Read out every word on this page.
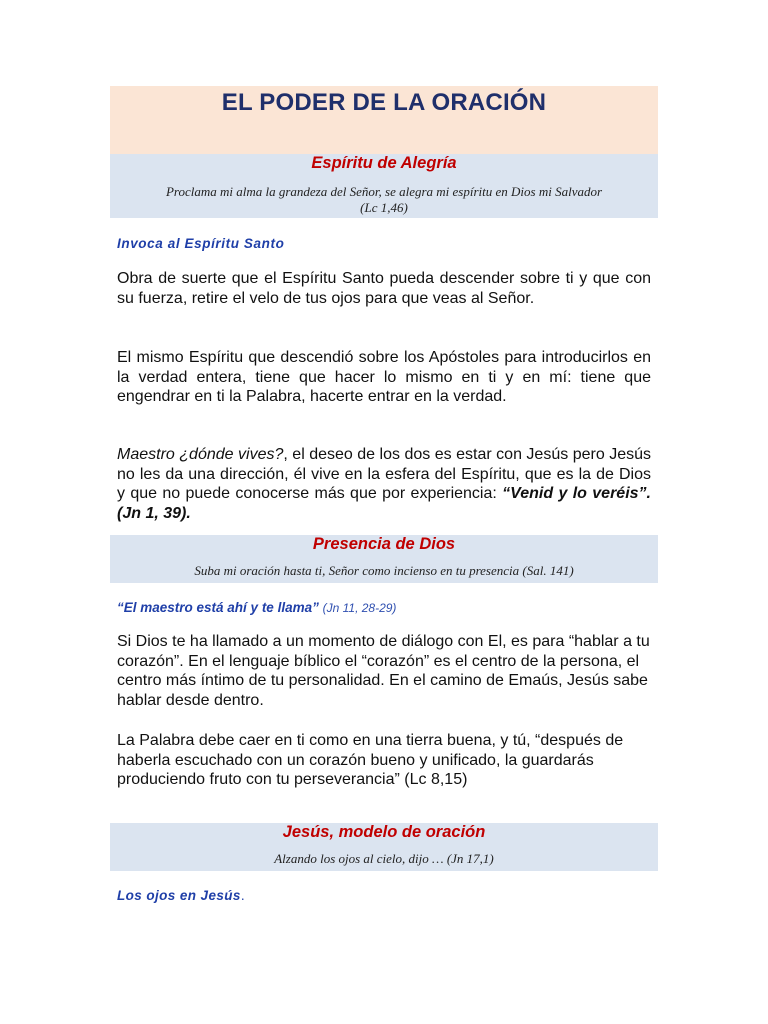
EL PODER DE LA ORACIÓN
Espíritu de Alegría
Proclama mi alma la grandeza del Señor, se alegra mi espíritu en Dios mi Salvador
(Lc 1,46)
Invoca al Espíritu Santo

Obra de suerte que el Espíritu Santo pueda descender sobre ti y que con su fuerza, retire el velo de tus ojos para que veas al Señor.

El mismo Espíritu que descendió sobre los Apóstoles para introducirlos en la verdad entera, tiene que hacer lo mismo en ti y en mí: tiene que engendrar en ti la Palabra, hacerte entrar en la verdad.

Maestro ¿dónde vives?, el deseo de los dos es estar con Jesús pero Jesús no les da una dirección, él vive en la esfera del Espíritu, que es la de Dios y que no puede conocerse más que por experiencia: “Venid y lo veréis”. (Jn 1, 39).

Presencia de Dios
Suba mi oración hasta ti, Señor como incienso en tu presencia (Sal. 141)
“El maestro está ahí y te llama” (Jn 11, 28-29)

Si Dios te ha llamado a un momento de diálogo con El, es para “hablar a tu corazón”. En el lenguaje bíblico el “corazón” es el centro de la persona, el centro más íntimo de tu personalidad. En el camino de Emaús, Jesús sabe hablar desde dentro.

La Palabra debe caer en ti como en una tierra buena, y tú, “después de haberla escuchado con un corazón bueno y unificado, la guardarás produciendo fruto con tu perseverancia” (Lc 8,15)

Jesús, modelo de oración
Alzando los ojos al cielo, dijo … (Jn 17,1)
Los ojos en Jesús.
